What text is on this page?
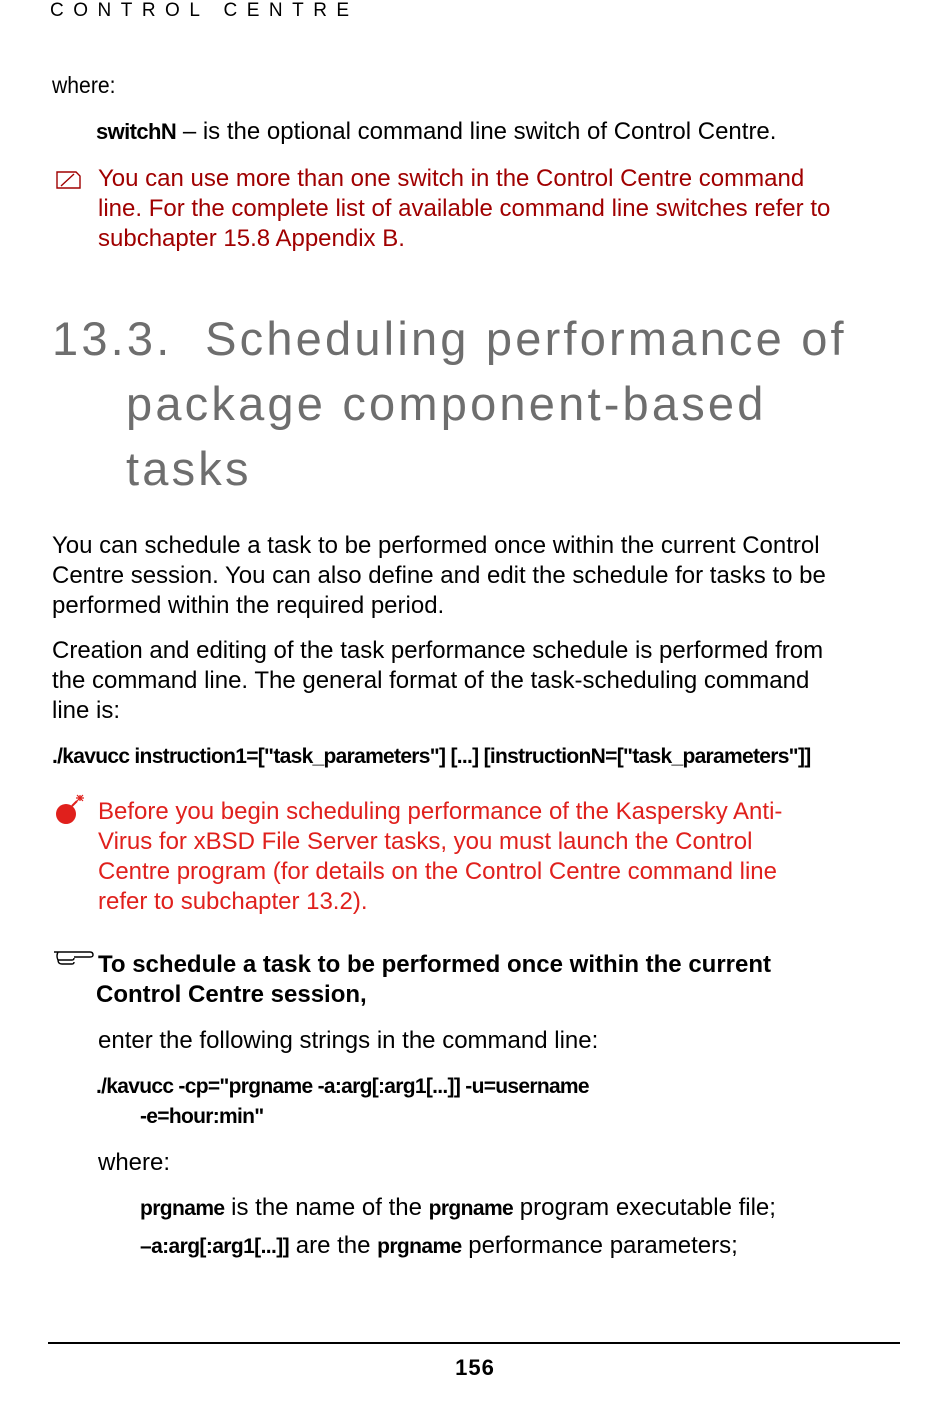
CONTROL CENTRE
where:
switchN – is the optional command line switch of Control Centre.
You can use more than one switch in the Control Centre command
line. For the complete list of available command line switches refer to
subchapter 15.8 Appendix B.
13.3. Scheduling performance of
package component-based
tasks
You can schedule a task to be performed once within the current Control
Centre session. You can also define and edit the schedule for tasks to be
performed within the required period.
Creation and editing of the task performance schedule is performed from
the command line. The general format of the task-scheduling command
line is:
./kavucc instruction1=["task_parameters"] [...] [instructionN=["task_parameters"]]
Before you begin scheduling performance of the Kaspersky Anti-
Virus for xBSD File Server tasks, you must launch the Control
Centre program (for details on the Control Centre command line
refer to subchapter 13.2).
To schedule a task to be performed once within the current
Control Centre session,
enter the following strings in the command line:
./kavucc -cp="prgname -a:arg[:arg1[...]] -u=username
-e=hour:min"
where:
prgname is the name of the prgname program executable file;
–a:arg[:arg1[...]] are the prgname performance parameters;
156
